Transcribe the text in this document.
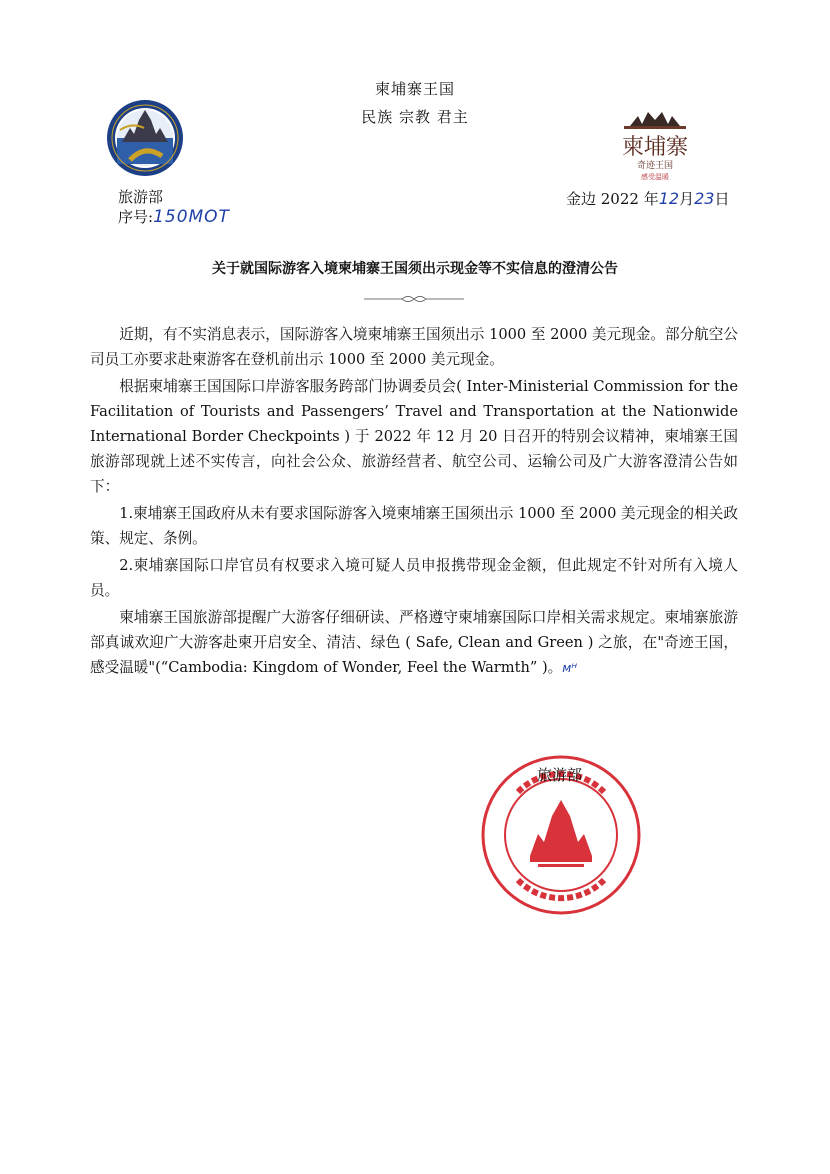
柬埔寨王国
民族 宗教 君主
柬埔寨
奇迹王国
感受温暖
旅游部
序号:150MOT
金边 2022 年12月23日
关于就国际游客入境柬埔寨王国须出示现金等不实信息的澄清公告

近期，有不实消息表示，国际游客入境柬埔寨王国须出示 1000 至 2000 美元现金。部分航空公司员工亦要求赴柬游客在登机前出示 1000 至 2000 美元现金。

根据柬埔寨王国国际口岸游客服务跨部门协调委员会( Inter-Ministerial Commission for the Facilitation of Tourists and Passengers’ Travel and Transportation at the Nationwide International Border Checkpoints ) 于 2022 年 12 月 20 日召开的特别会议精神，柬埔寨王国旅游部现就上述不实传言，向社会公众、旅游经营者、航空公司、运输公司及广大游客澄清公告如下：

1.柬埔寨王国政府从未有要求国际游客入境柬埔寨王国须出示 1000 至 2000 美元现金的相关政策、规定、条例。

2.柬埔寨国际口岸官员有权要求入境可疑人员申报携带现金金额，但此规定不针对所有入境人员。

柬埔寨王国旅游部提醒广大游客仔细研读、严格遵守柬埔寨国际口岸相关需求规定。柬埔寨旅游部真诚欢迎广大游客赴柬开启安全、清洁、绿色 ( Safe, Clean and Green ) 之旅，在"奇迹王国，感受温暖"(“Cambodia: Kingdom of Wonder, Feel the Warmth” )。ᴍᴴ

旅游部
